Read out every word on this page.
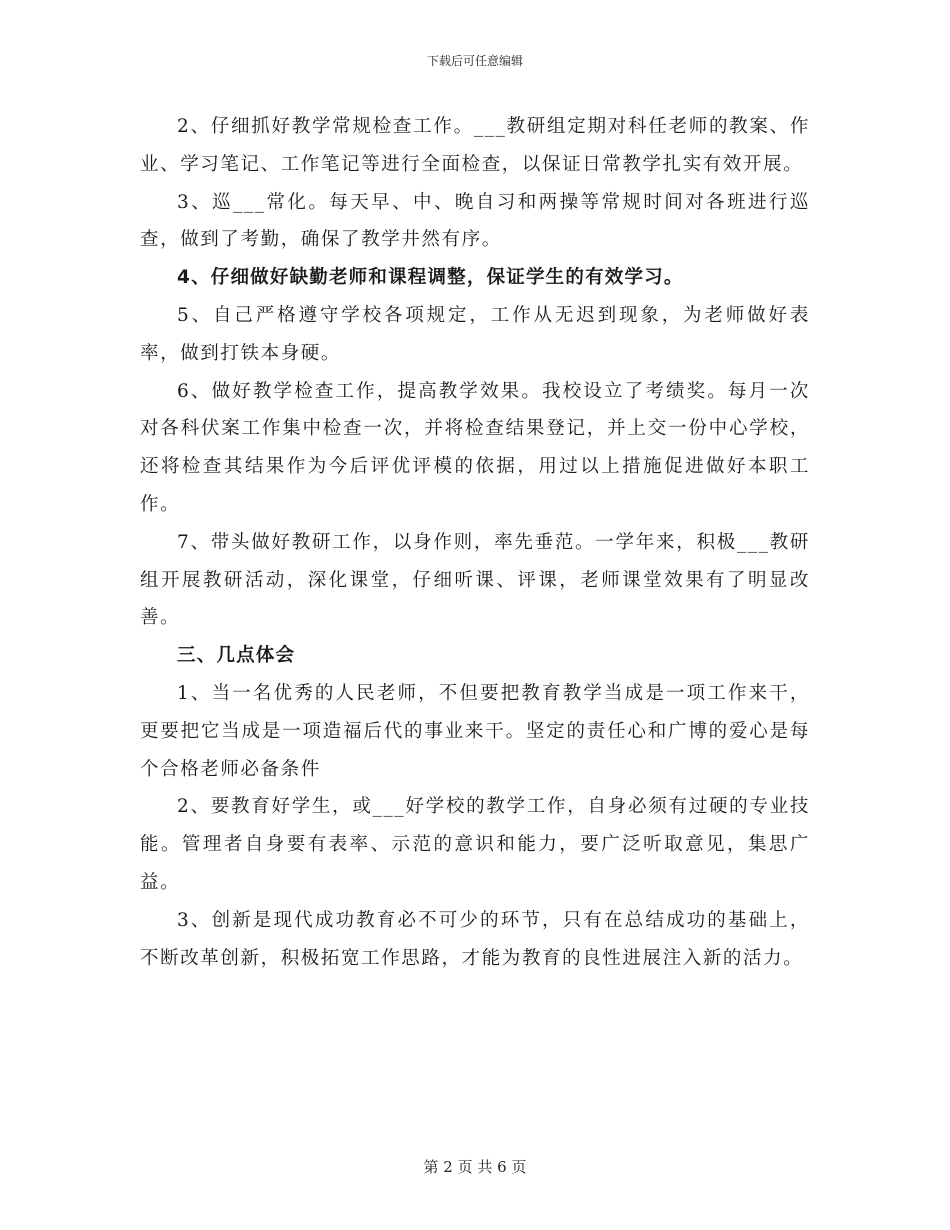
下载后可任意编辑

2、仔细抓好教学常规检查工作。___教研组定期对科任老师的教案、作业、学习笔记、工作笔记等进行全面检查，以保证日常教学扎实有效开展。

3、巡___常化。每天早、中、晚自习和两操等常规时间对各班进行巡查，做到了考勤，确保了教学井然有序。

4、仔细做好缺勤老师和课程调整，保证学生的有效学习。

5、自己严格遵守学校各项规定，工作从无迟到现象，为老师做好表率，做到打铁本身硬。

6、做好教学检查工作，提高教学效果。我校设立了考绩奖。每月一次对各科伏案工作集中检查一次，并将检查结果登记，并上交一份中心学校，还将检查其结果作为今后评优评模的依据，用过以上措施促进做好本职工作。

7、带头做好教研工作，以身作则，率先垂范。一学年来，积极___教研组开展教研活动，深化课堂，仔细听课、评课，老师课堂效果有了明显改善。

三、几点体会

1、当一名优秀的人民老师，不但要把教育教学当成是一项工作来干，更要把它当成是一项造福后代的事业来干。坚定的责任心和广博的爱心是每个合格老师必备条件

2、要教育好学生，或___好学校的教学工作，自身必须有过硬的专业技能。管理者自身要有表率、示范的意识和能力，要广泛听取意见，集思广益。

3、创新是现代成功教育必不可少的环节，只有在总结成功的基础上，不断改革创新，积极拓宽工作思路，才能为教育的良性进展注入新的活力。

第 2 页 共 6 页
